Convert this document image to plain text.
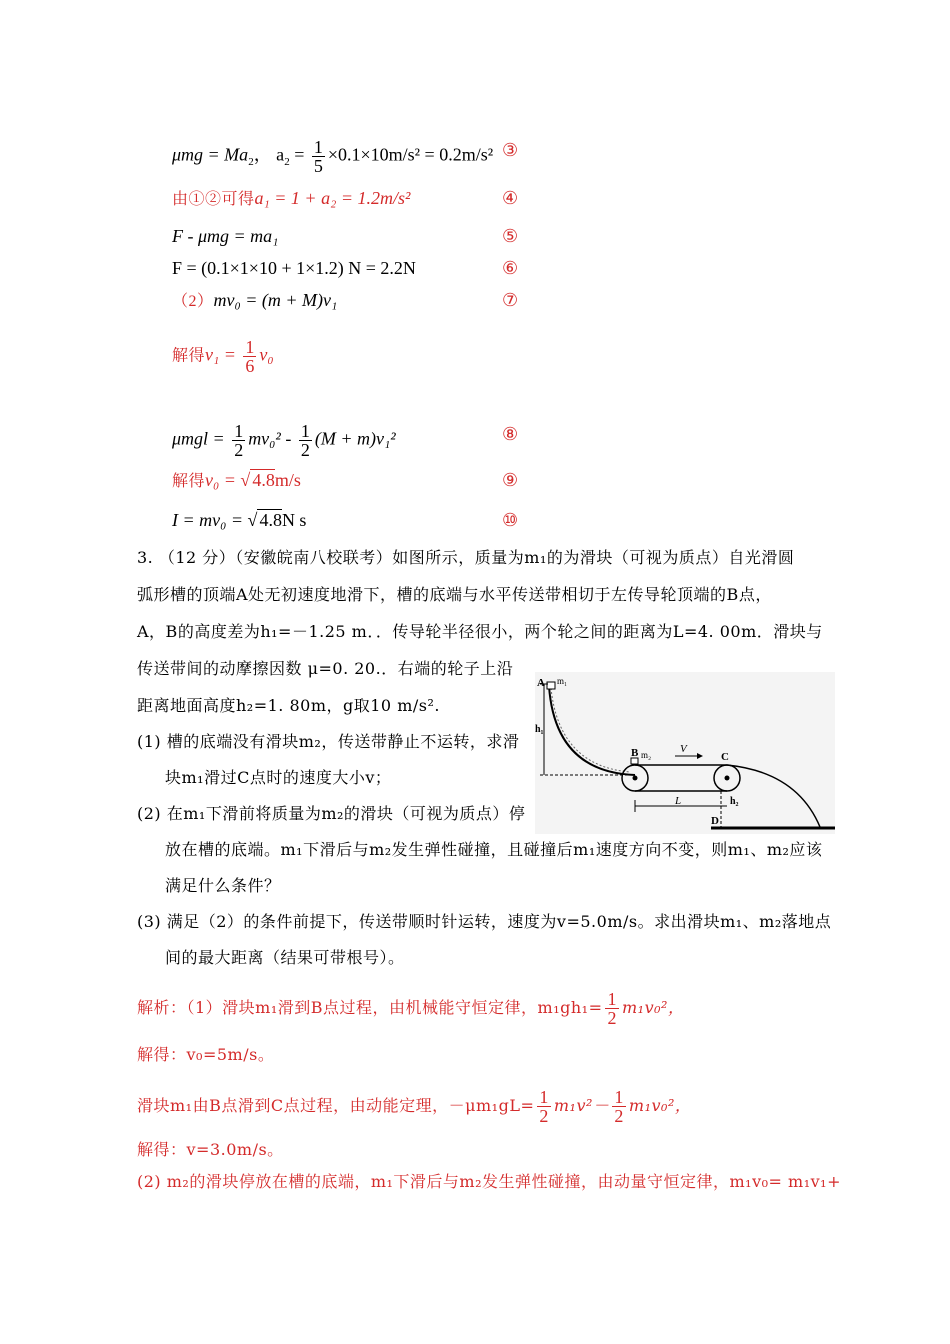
$\mu mg = Ma_2$， $a_2 = \frac{1}{5} \times 0.1\times 10m/s^2 = 0.2m/s^2$ ③
由①②可得a₁ = 1 + a₂ = 1.2m/s²	④
F - μmg = ma₁	⑤
F = (0.1×1×10 + 1×1.2) N = 2.2N	⑥
（2）mv₀ = (m + M)v₁	⑦
解得$v_1 = \frac{1}{6} v_0$
$\mu mgl = \frac{1}{2} mv_0^2 - \frac{1}{2} (M + m)v_1^2$	⑧
解得v₀ = √ 4.8m/s	⑨
I = mv₀ = √ 4.8N s	⑩
3. （12 分）（安徽皖南八校联考）如图所示，质量为m₁的为滑块（可视为质点）自光滑圆
弧形槽的顶端A处无初速度地滑下，槽的底端与水平传送带相切于左传导轮顶端的B点，
A，B的高度差为h₁=－1.25 m．．传导轮半径很小，两个轮之间的距离为L=4. 00m．滑块与
传送带间的动摩擦因数 μ=0. 20.．右端的轮子上沿
距离地面高度h₂=1. 80m，g取10 m/s².
(1) 槽的底端没有滑块m₂，传送带静止不运转，求滑
块m₁滑过C点时的速度大小v；
(2) 在m₁下滑前将质量为m₂的滑块（可视为质点）停
放在槽的底端。m₁下滑后与m₂发生弹性碰撞，且碰撞后m₁速度方向不变，则m₁、m₂应该
满足什么条件？
(3) 满足（2）的条件前提下，传送带顺时针运转，速度为v=5.0m/s。求出滑块m₁、m₂落地点
间的最大距离（结果可带根号）。
A m₁
h₁
B m₂	V
C
L	h₂
D
解析：（1）滑块m₁滑到B点过程，由机械能守恒定律，$m_1gh_1= \frac{1}{2} m_1v_0^2$，
解得：v₀=5m/s。
滑块m₁由B点滑到C点过程，由动能定理，$-\mu m_1gL= \frac{1}{2} m_1v^2- \frac{1}{2} m_1v_0^2$，
解得：v=3.0m/s。
(2) m₂的滑块停放在槽的底端，m₁下滑后与m₂发生弹性碰撞，由动量守恒定律，m₁v₀= m₁v₁+
